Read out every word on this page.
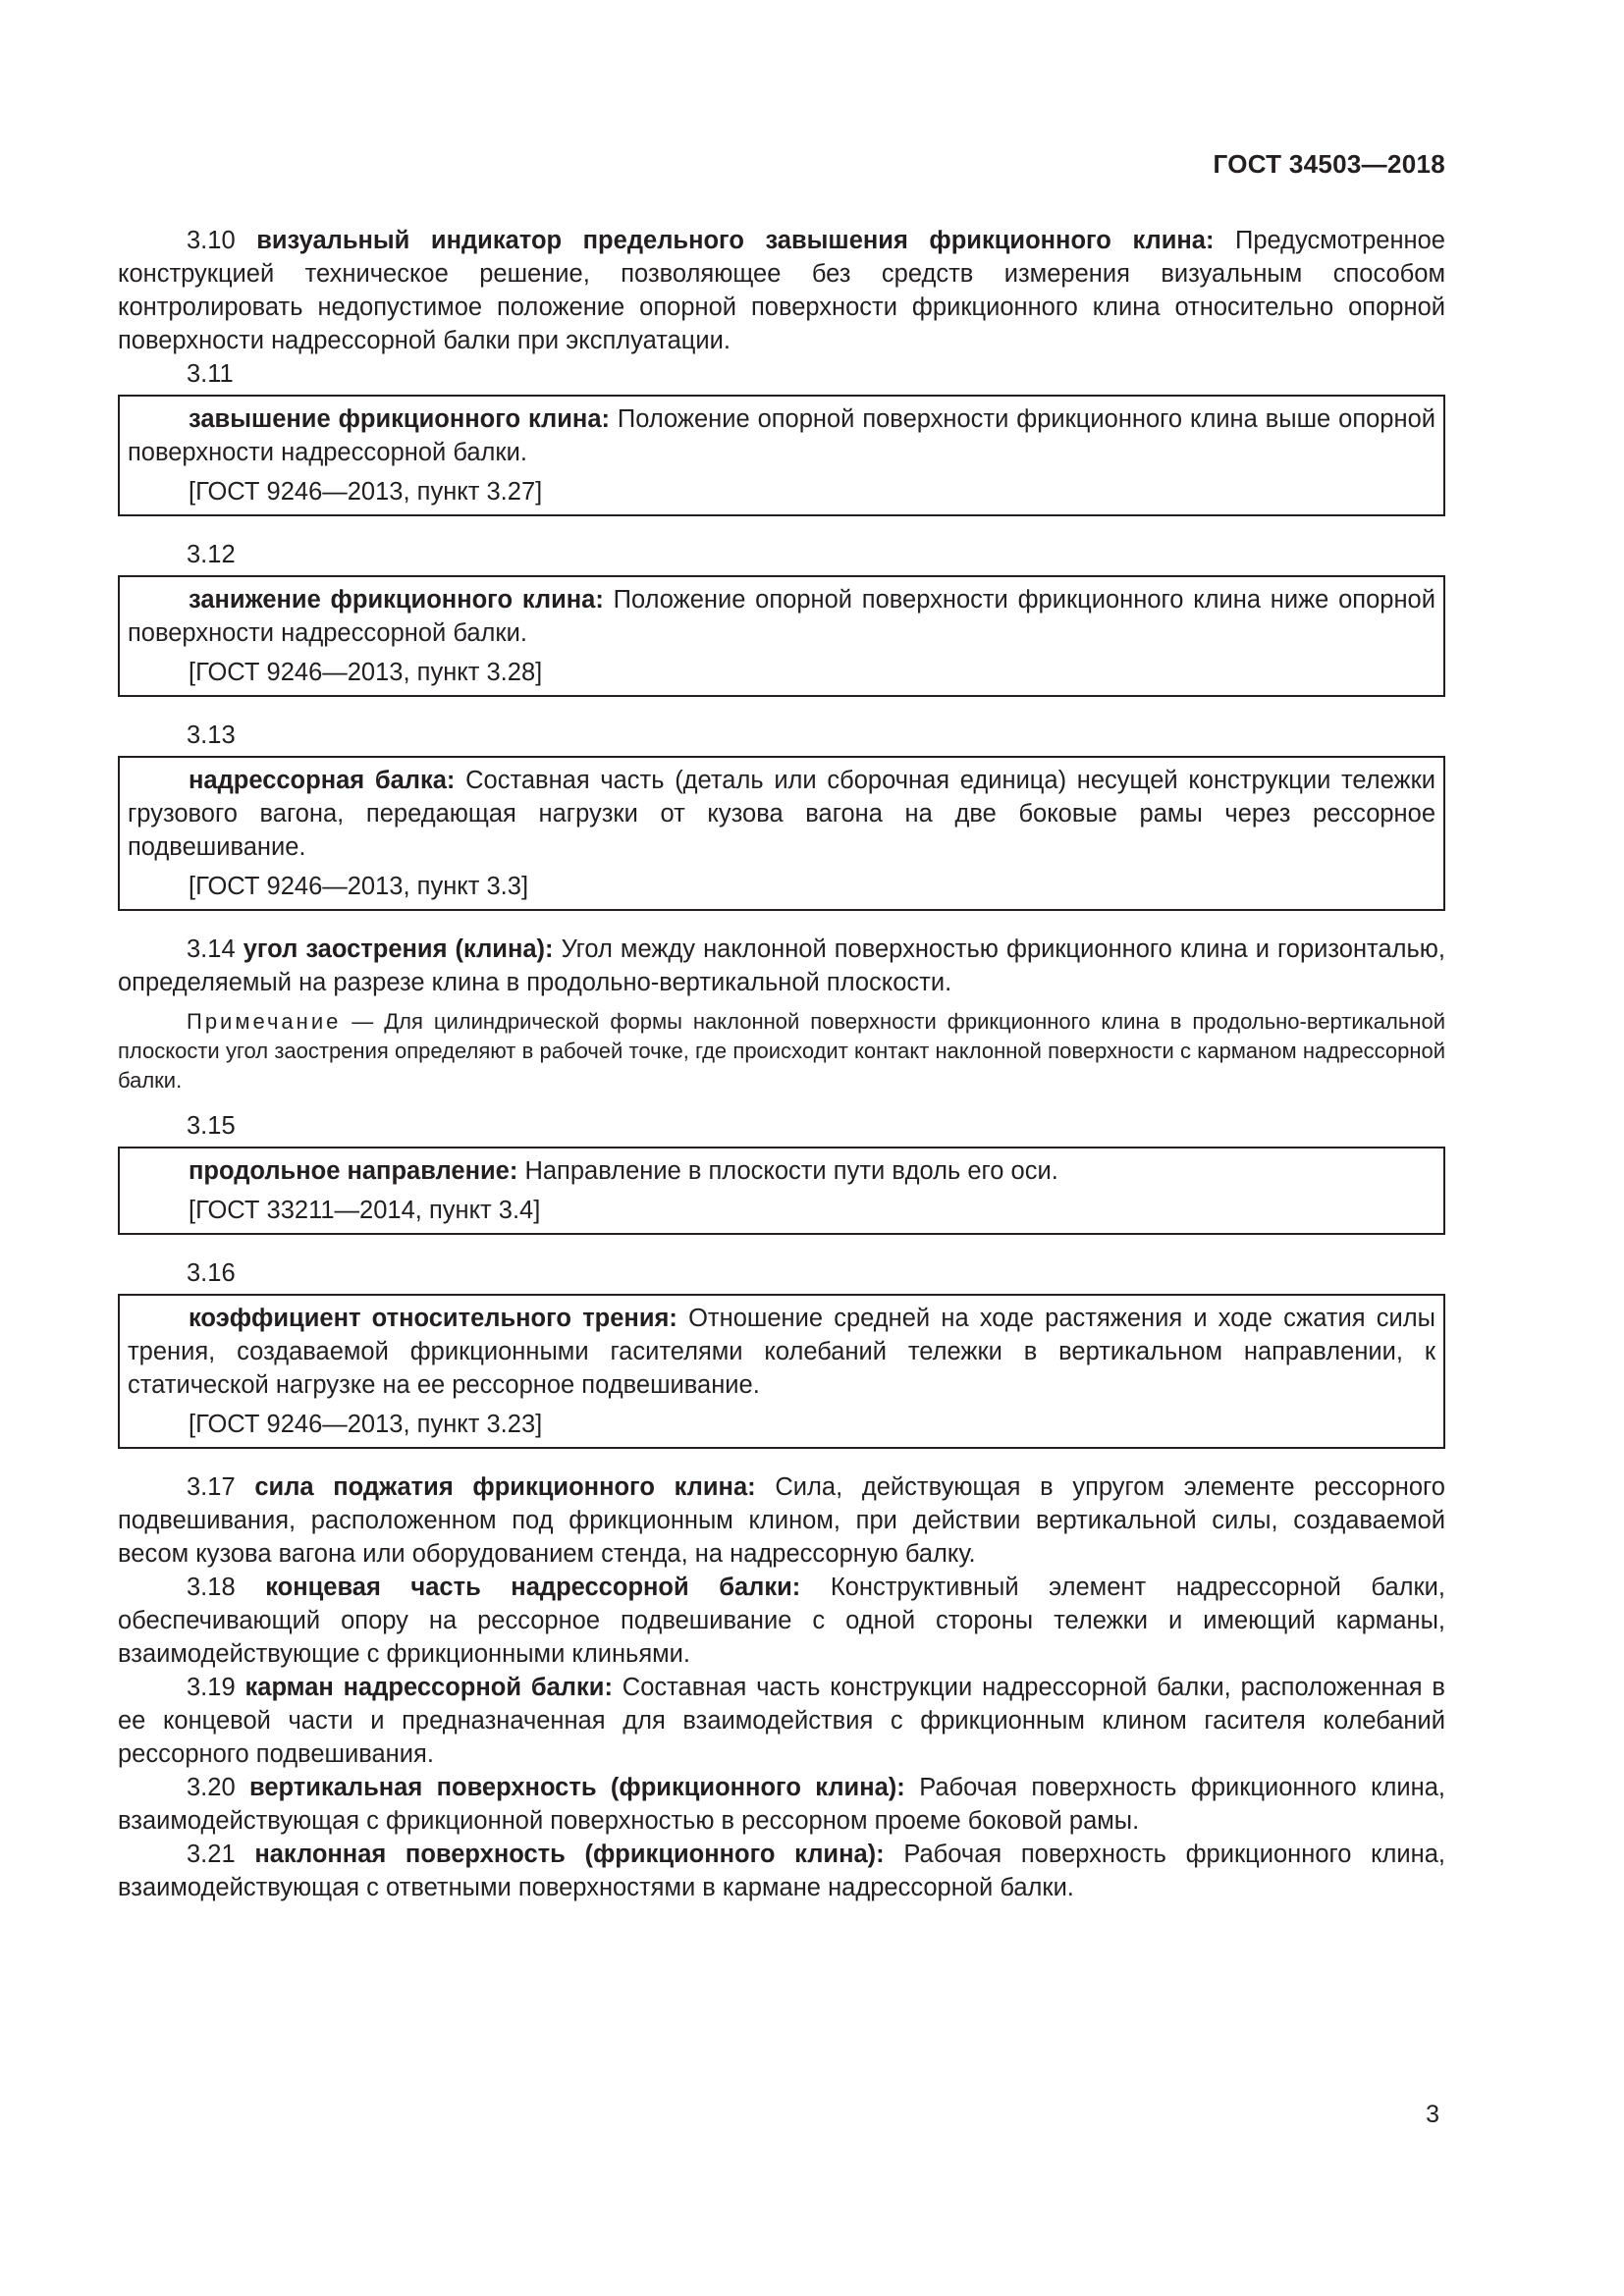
ГОСТ 34503—2018

3.10 визуальный индикатор предельного завышения фрикционного клина: Предусмотренное конструкцией техническое решение, позволяющее без средств измерения визуальным способом контролировать недопустимое положение опорной поверхности фрикционного клина относительно опорной поверхности надрессорной балки при эксплуатации.

3.11

завышение фрикционного клина: Положение опорной поверхности фрикционного клина выше опорной поверхности надрессорной балки.

[ГОСТ 9246—2013, пункт 3.27]

3.12

занижение фрикционного клина: Положение опорной поверхности фрикционного клина ниже опорной поверхности надрессорной балки.

[ГОСТ 9246—2013, пункт 3.28]

3.13

надрессорная балка: Составная часть (деталь или сборочная единица) несущей конструкции тележки грузового вагона, передающая нагрузки от кузова вагона на две боковые рамы через рессорное подвешивание.

[ГОСТ 9246—2013, пункт 3.3]

3.14 угол заострения (клина): Угол между наклонной поверхностью фрикционного клина и горизонталью, определяемый на разрезе клина в продольно-вертикальной плоскости.

Примечание — Для цилиндрической формы наклонной поверхности фрикционного клина в продольно-вертикальной плоскости угол заострения определяют в рабочей точке, где происходит контакт наклонной поверхности с карманом надрессорной балки.

3.15

продольное направление: Направление в плоскости пути вдоль его оси.

[ГОСТ 33211—2014, пункт 3.4]

3.16

коэффициент относительного трения: Отношение средней на ходе растяжения и ходе сжатия силы трения, создаваемой фрикционными гасителями колебаний тележки в вертикальном направлении, к статической нагрузке на ее рессорное подвешивание.

[ГОСТ 9246—2013, пункт 3.23]

3.17 сила поджатия фрикционного клина: Сила, действующая в упругом элементе рессорного подвешивания, расположенном под фрикционным клином, при действии вертикальной силы, создаваемой весом кузова вагона или оборудованием стенда, на надрессорную балку.

3.18 концевая часть надрессорной балки: Конструктивный элемент надрессорной балки, обеспечивающий опору на рессорное подвешивание с одной стороны тележки и имеющий карманы, взаимодействующие с фрикционными клиньями.

3.19 карман надрессорной балки: Составная часть конструкции надрессорной балки, расположенная в ее концевой части и предназначенная для взаимодействия с фрикционным клином гасителя колебаний рессорного подвешивания.

3.20 вертикальная поверхность (фрикционного клина): Рабочая поверхность фрикционного клина, взаимодействующая с фрикционной поверхностью в рессорном проеме боковой рамы.

3.21 наклонная поверхность (фрикционного клина): Рабочая поверхность фрикционного клина, взаимодействующая с ответными поверхностями в кармане надрессорной балки.

3
